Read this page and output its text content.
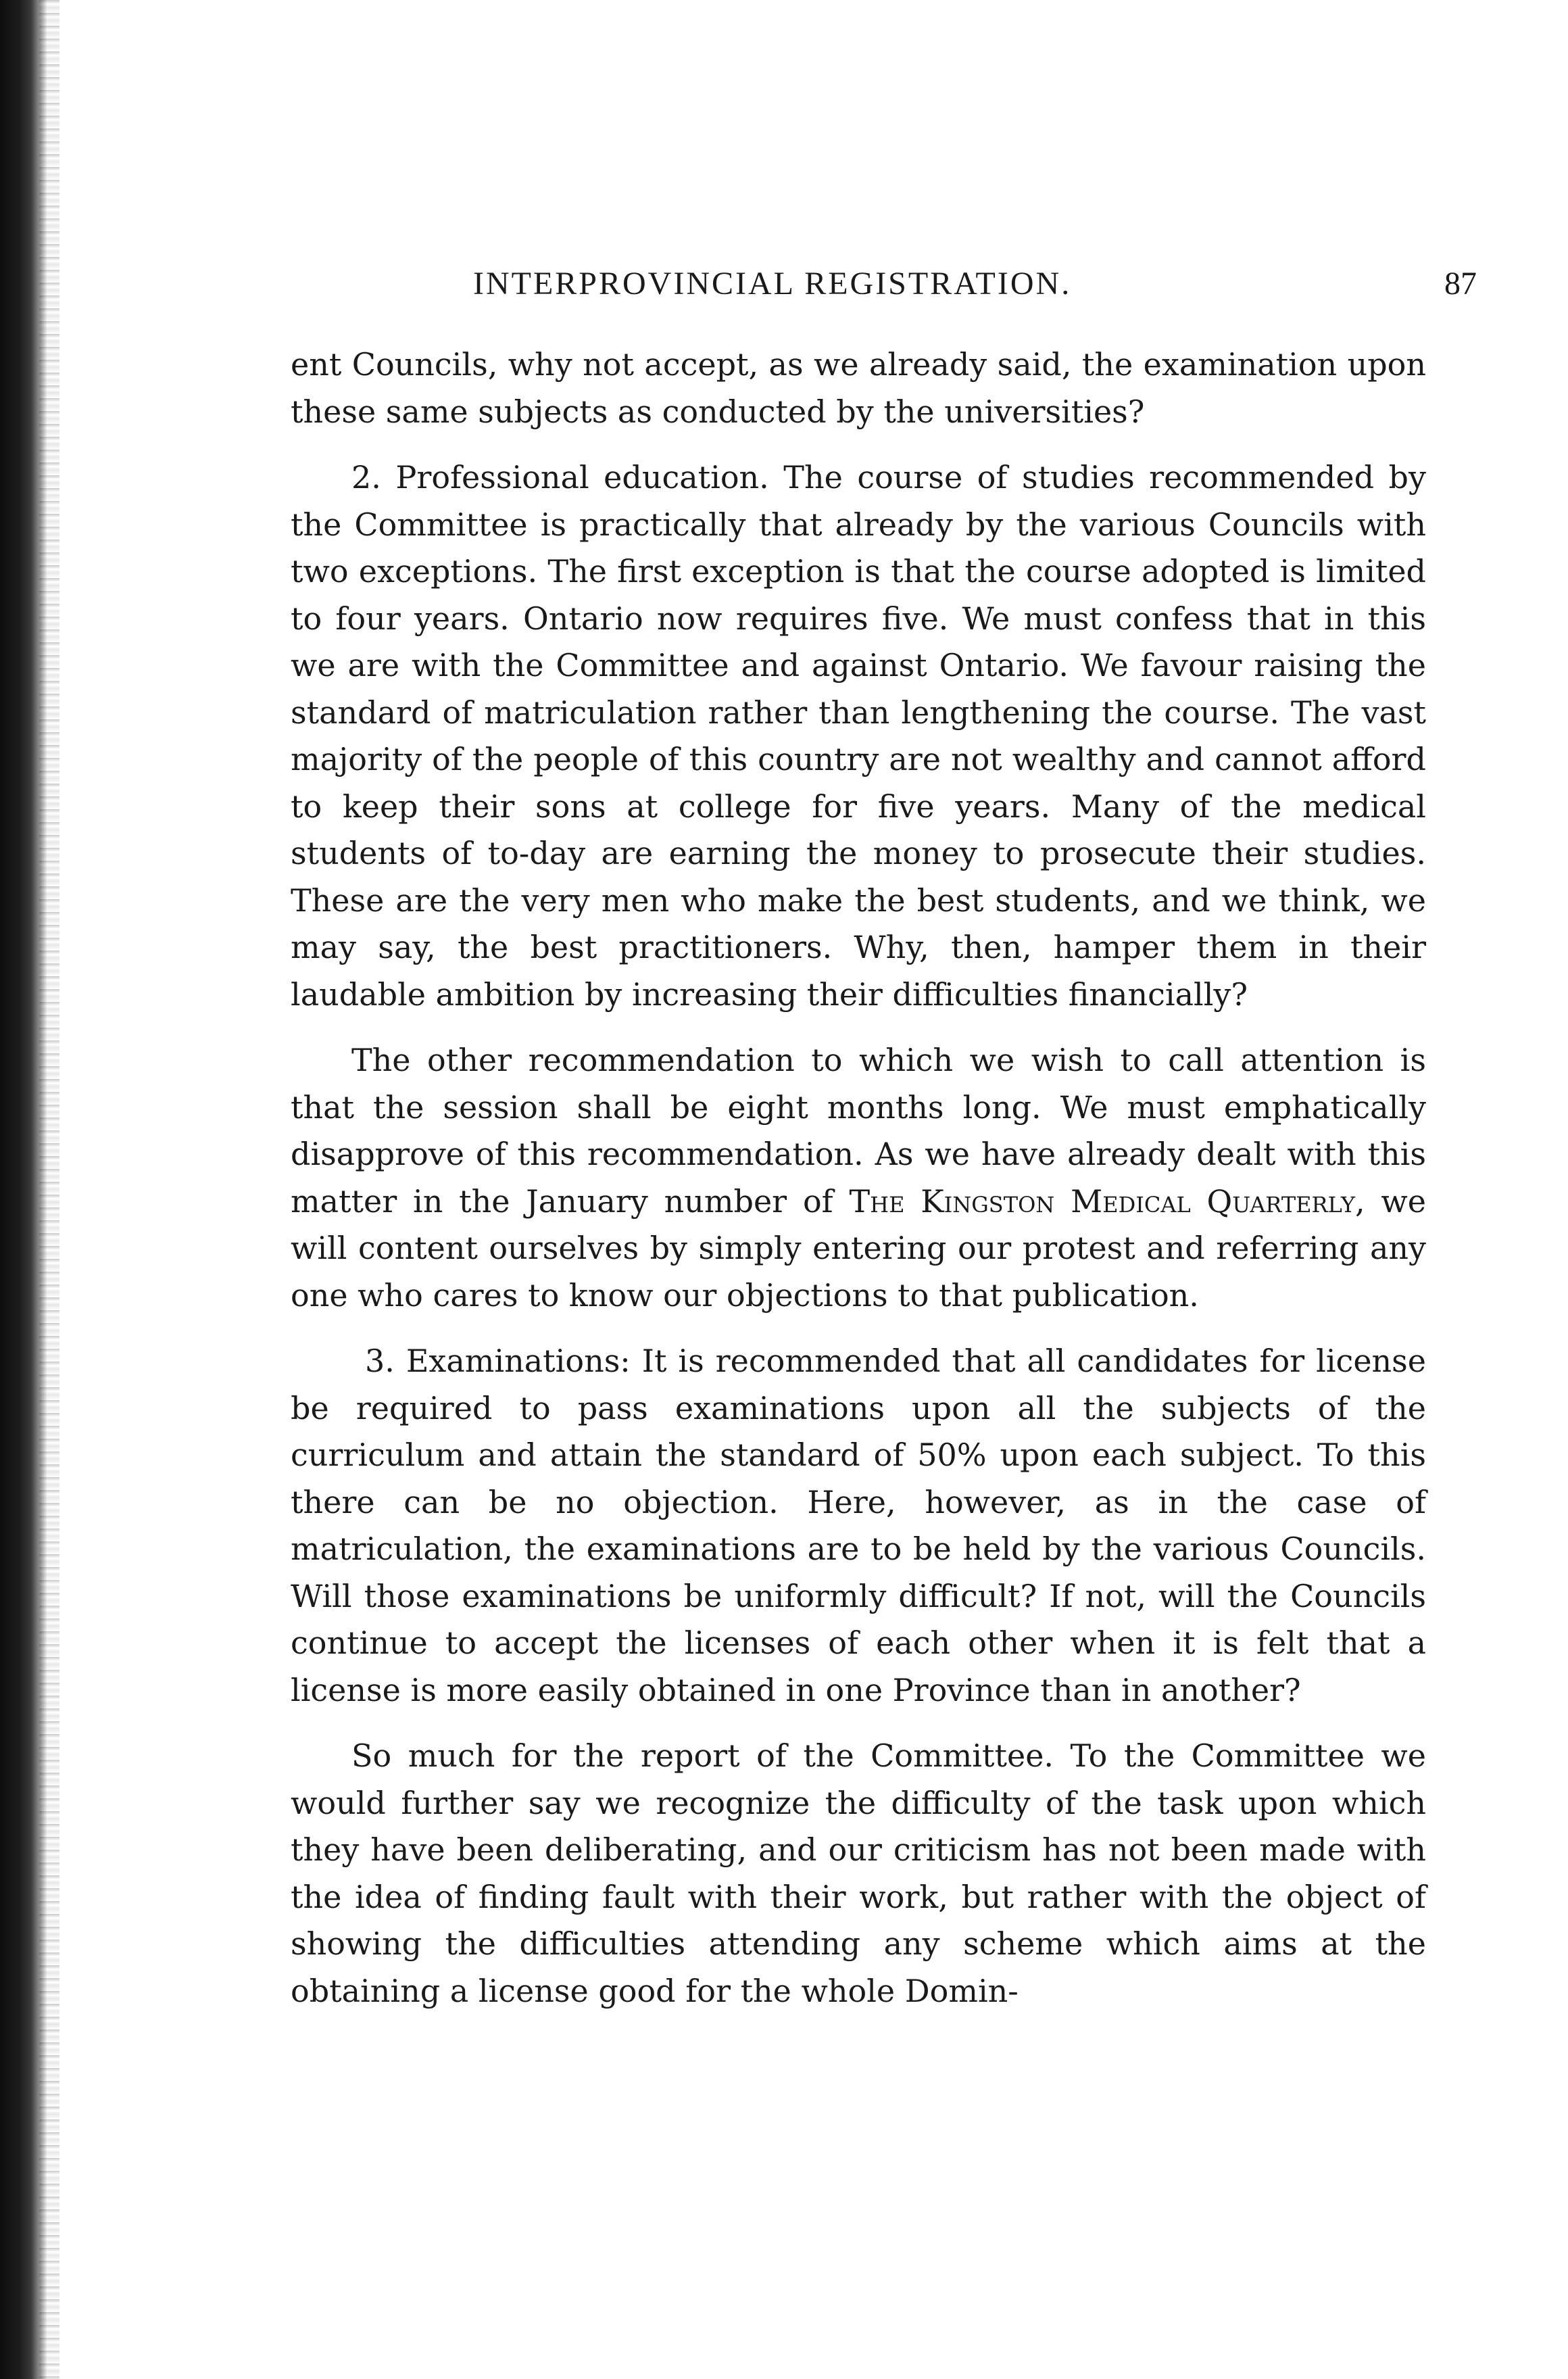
INTERPROVINCIAL REGISTRATION.	87

ent Councils, why not accept, as we already said, the examination upon these same subjects as conducted by the universities?

2. Professional education. The course of studies recommended by the Committee is practically that already by the various Councils with two exceptions. The first exception is that the course adopted is limited to four years. Ontario now requires five. We must confess that in this we are with the Committee and against Ontario. We favour raising the standard of matriculation rather than lengthening the course. The vast majority of the people of this country are not wealthy and cannot afford to keep their sons at college for five years. Many of the medical students of to-day are earning the money to prosecute their studies. These are the very men who make the best students, and we think, we may say, the best practitioners. Why, then, hamper them in their laudable ambition by increasing their difficulties financially?

The other recommendation to which we wish to call attention is that the session shall be eight months long. We must emphatically disapprove of this recommendation. As we have already dealt with this matter in the January number of The Kingston Medical Quarterly, we will content ourselves by simply entering our protest and referring any one who cares to know our objections to that publication.

3. Examinations: It is recommended that all candidates for license be required to pass examinations upon all the subjects of the curriculum and attain the standard of 50% upon each subject. To this there can be no objection. Here, however, as in the case of matriculation, the examinations are to be held by the various Councils. Will those examinations be uniformly difficult? If not, will the Councils continue to accept the licenses of each other when it is felt that a license is more easily obtained in one Province than in another?

So much for the report of the Committee. To the Committee we would further say we recognize the difficulty of the task upon which they have been deliberating, and our criticism has not been made with the idea of finding fault with their work, but rather with the object of showing the difficulties attending any scheme which aims at the obtaining a license good for the whole Domin-
